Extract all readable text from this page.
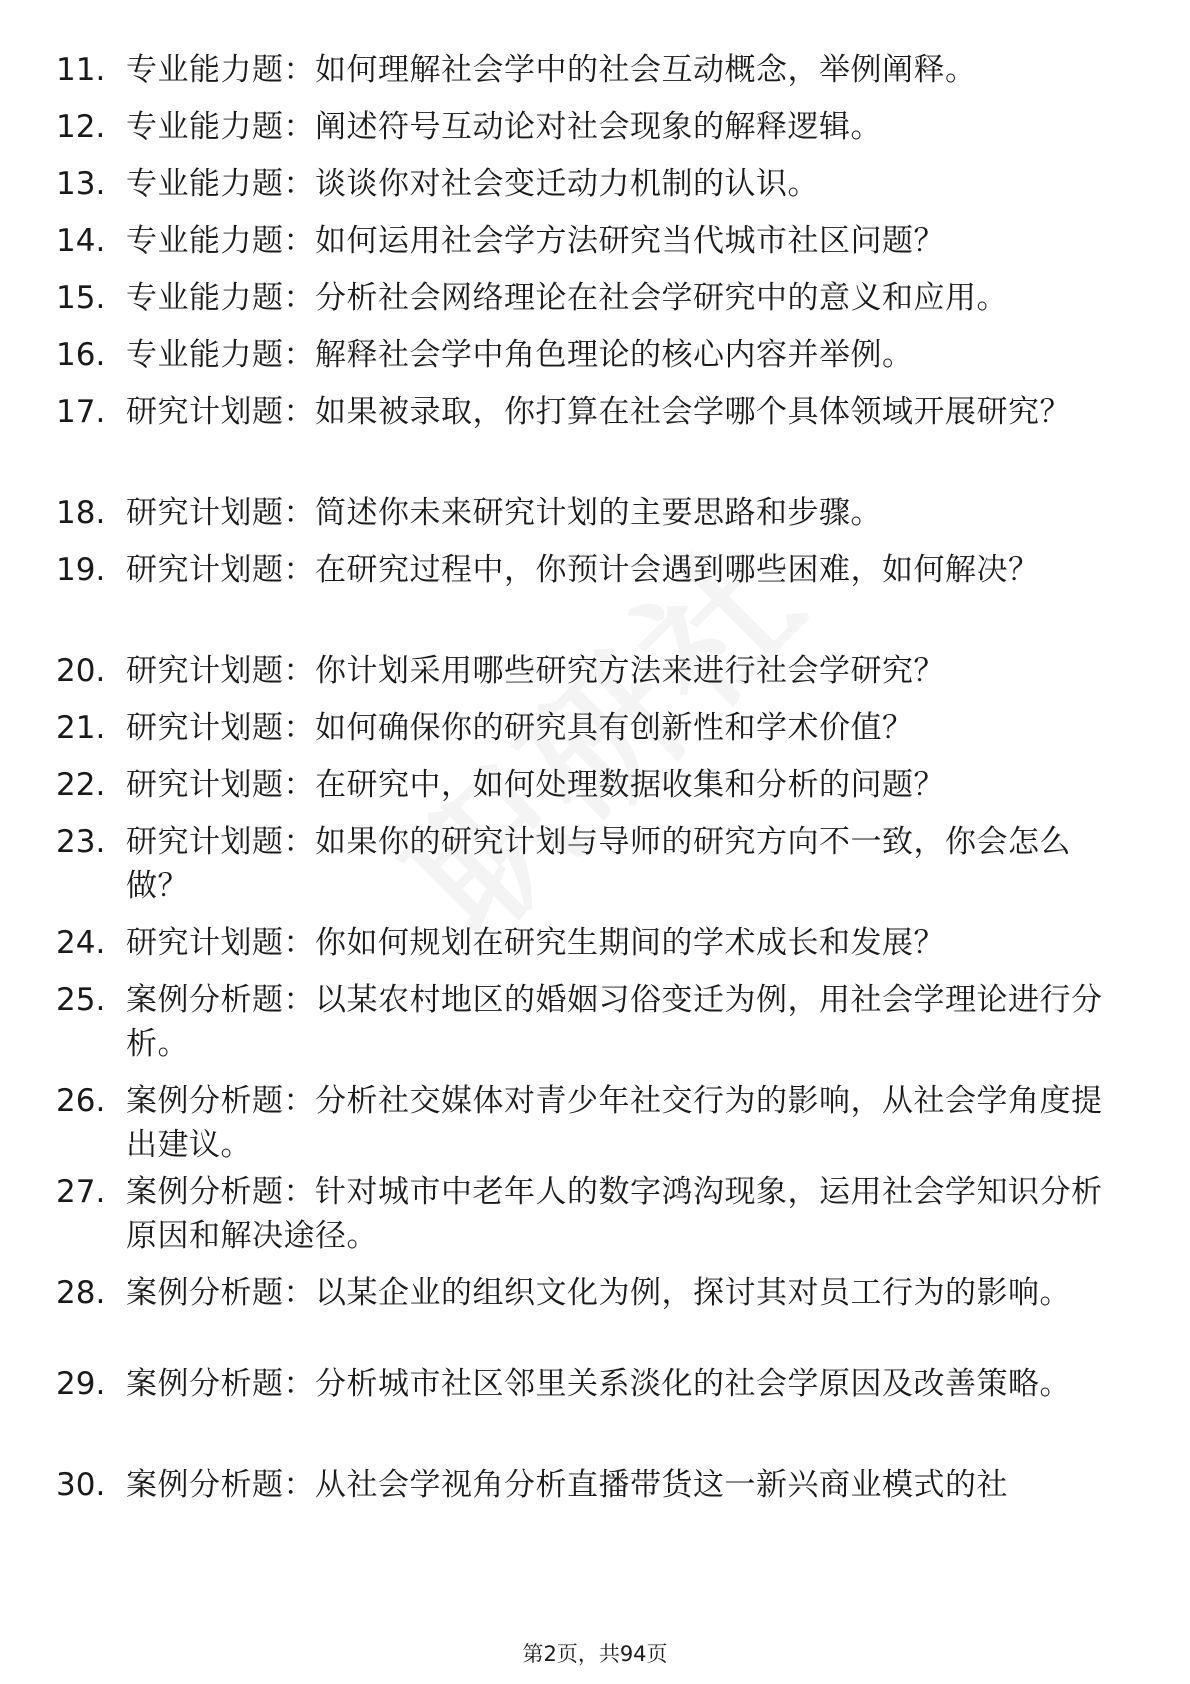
11. 专业能力题：如何理解社会学中的社会互动概念，举例阐释。
12. 专业能力题：阐述符号互动论对社会现象的解释逻辑。
13. 专业能力题：谈谈你对社会变迁动力机制的认识。
14. 专业能力题：如何运用社会学方法研究当代城市社区问题？
15. 专业能力题：分析社会网络理论在社会学研究中的意义和应用。
16. 专业能力题：解释社会学中角色理论的核心内容并举例。
17. 研究计划题：如果被录取，你打算在社会学哪个具体领域开展研究？
18. 研究计划题：简述你未来研究计划的主要思路和步骤。
19. 研究计划题：在研究过程中，你预计会遇到哪些困难，如何解决？
20. 研究计划题：你计划采用哪些研究方法来进行社会学研究？
21. 研究计划题：如何确保你的研究具有创新性和学术价值？
22. 研究计划题：在研究中，如何处理数据收集和分析的问题？
23. 研究计划题：如果你的研究计划与导师的研究方向不一致，你会怎么做？
24. 研究计划题：你如何规划在研究生期间的学术成长和发展？
25. 案例分析题：以某农村地区的婚姻习俗变迁为例，用社会学理论进行分析。
26. 案例分析题：分析社交媒体对青少年社交行为的影响，从社会学角度提出建议。
27. 案例分析题：针对城市中老年人的数字鸿沟现象，运用社会学知识分析原因和解决途径。
28. 案例分析题：以某企业的组织文化为例，探讨其对员工行为的影响。
29. 案例分析题：分析城市社区邻里关系淡化的社会学原因及改善策略。
30. 案例分析题：从社会学视角分析直播带货这一新兴商业模式的社
第2页，共94页
